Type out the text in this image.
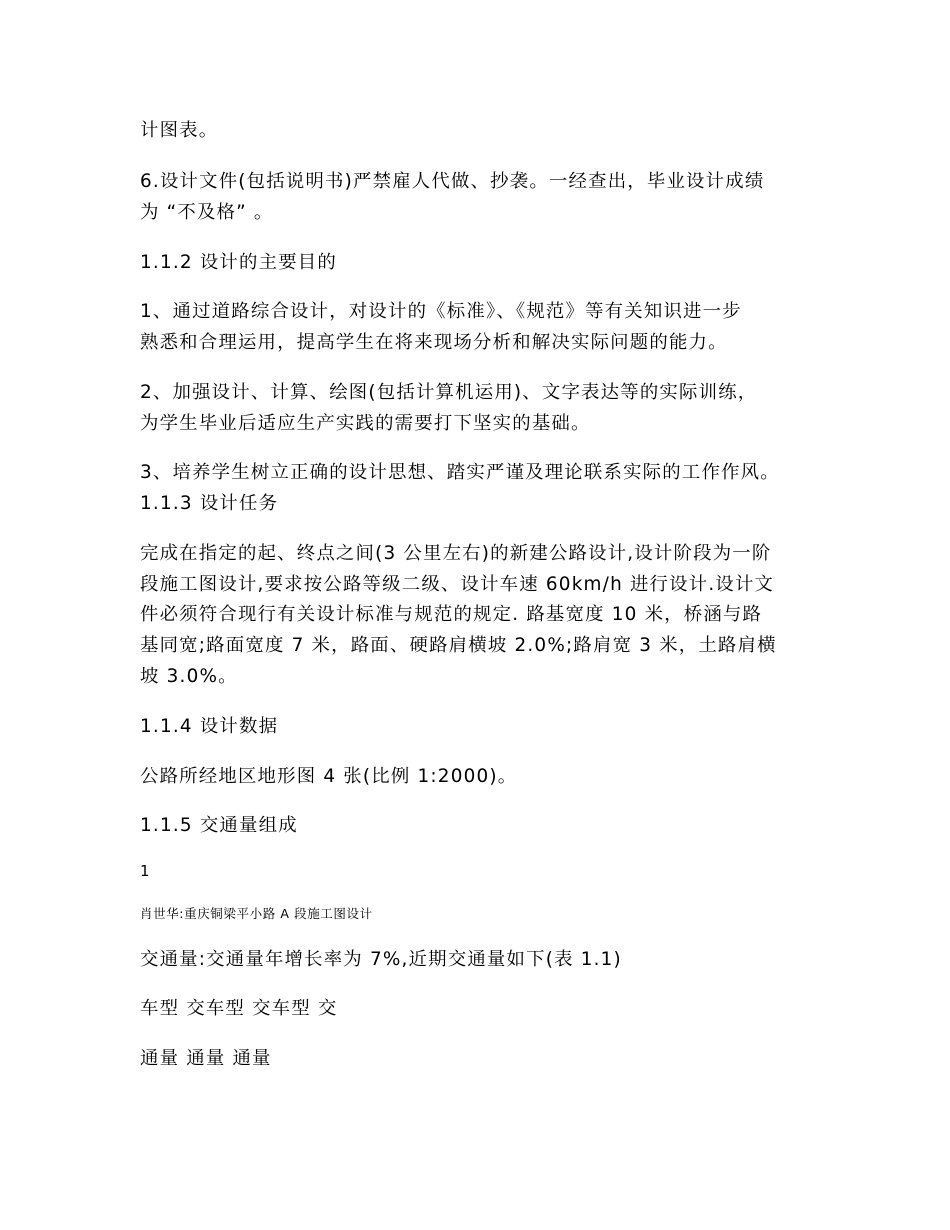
计图表。

6.设计文件(包括说明书)严禁雇人代做、抄袭。一经查出，毕业设计成绩

为 “不及格” 。

1.1.2 设计的主要目的

1、通过道路综合设计，对设计的《标准》、《规范》等有关知识进一步

熟悉和合理运用，提高学生在将来现场分析和解决实际问题的能力。

2、加强设计、计算、绘图(包括计算机运用)、文字表达等的实际训练，

为学生毕业后适应生产实践的需要打下坚实的基础。

3、培养学生树立正确的设计思想、踏实严谨及理论联系实际的工作作风。

1.1.3 设计任务

完成在指定的起、终点之间(3 公里左右)的新建公路设计,设计阶段为一阶

段施工图设计,要求按公路等级二级、设计车速 60km/h 进行设计.设计文

件必须符合现行有关设计标准与规范的规定. 路基宽度 10 米，桥涵与路

基同宽;路面宽度 7 米，路面、硬路肩横坡 2.0%;路肩宽 3 米，土路肩横

坡 3.0%。

1.1.4 设计数据

公路所经地区地形图 4 张(比例 1:2000)。

1.1.5 交通量组成

1

肖世华:重庆铜梁平小路 A 段施工图设计

交通量:交通量年增长率为 7%,近期交通量如下(表 1.1)

车型 交车型 交车型 交

通量 通量 通量
